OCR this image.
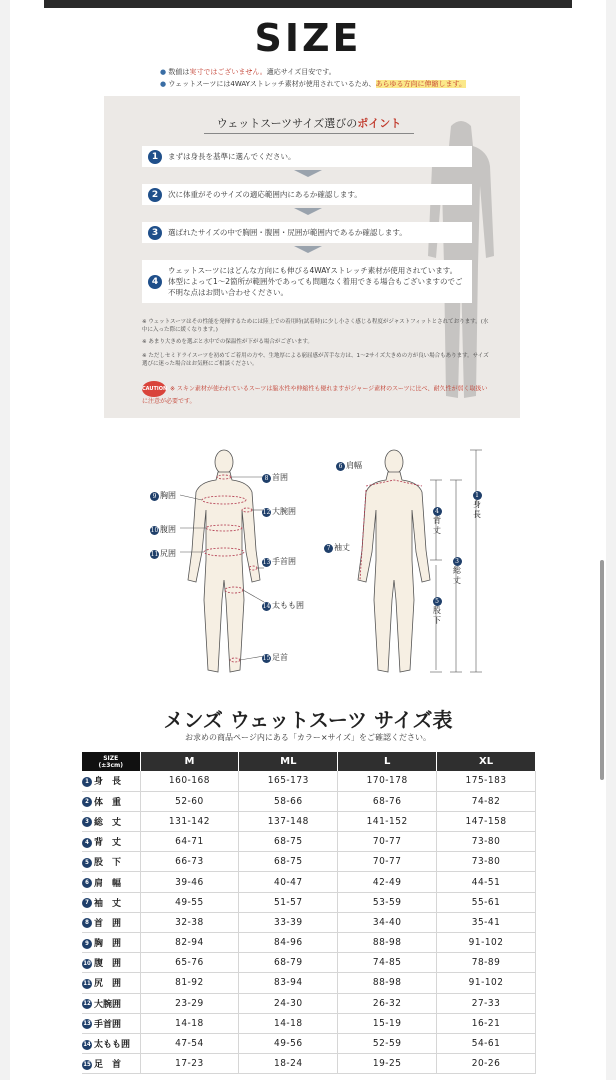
SIZE
● 数値は実寸ではございません。適応サイズ目安です。
● ウェットスーツには4WAYストレッチ素材が使用されているため、あらゆる方向に伸縮します。
ウェットスーツサイズ選びのポイント
1	まずは身長を基準に選んでください。
2	次に体重がそのサイズの適応範囲内にあるか確認します。
3	選ばれたサイズの中で胸囲・腹囲・尻囲が範囲内であるか確認します。
4
ウェットスーツにはどんな方向にも伸びる4WAYストレッチ素材が使用されています。体型によって1〜2箇所が範囲外であっても問題なく着用できる場合もございますのでご不明な点はお問い合わせください。
※ ウェットスーツはその性能を発揮するためには陸上での着用時(試着時)に少し小さく感じる程度がジャストフィットとされております。(水中に入った際に緩くなります。)
※ あまり大きめを選ぶと水中での保温性が下がる場合がございます。
※ ただしセミドライスーツを初めてご着用の方や、生地厚による窮屈感が苦手な方は、1〜2サイズ大きめの方が良い場合もあります。サイズ選びに迷った場合はお気軽にご相談ください。
CAUTION ※ スキン素材が使われているスーツは脇水性や伸縮性も優れますがジャージ素材のスーツに比べ、耐久性が弱く取扱いに注意が必要です。
8 首囲
9 胸囲
12 大腕囲
10 腹囲
11 尻囲
13 手首囲
14 太もも囲
15 足首
6 肩幅
7 袖丈
4
背丈
5
股下
3
総丈
1
身長
メンズ ウェットスーツ サイズ表
お求めの商品ページ内にある「カラー×サイズ」をご確認ください。
SIZE
(±3cm)	M	ML	L	XL
1 身　長	160-168	165-173	170-178	175-183
2 体　重	52-60	58-66	68-76	74-82
3 総　丈	131-142	137-148	141-152	147-158
4 背　丈	64-71	68-75	70-77	73-80
5 股　下	66-73	68-75	70-77	73-80
6 肩　幅	39-46	40-47	42-49	44-51
7 袖　丈	49-55	51-57	53-59	55-61
8 首　囲	32-38	33-39	34-40	35-41
9 胸　囲	82-94	84-96	88-98	91-102
10 腹　囲	65-76	68-79	74-85	78-89
11 尻　囲	81-92	83-94	88-98	91-102
12 大腕囲	23-29	24-30	26-32	27-33
13 手首囲	14-18	14-18	15-19	16-21
14 太もも囲	47-54	49-56	52-59	54-61
15 足　首	17-23	18-24	19-25	20-26
